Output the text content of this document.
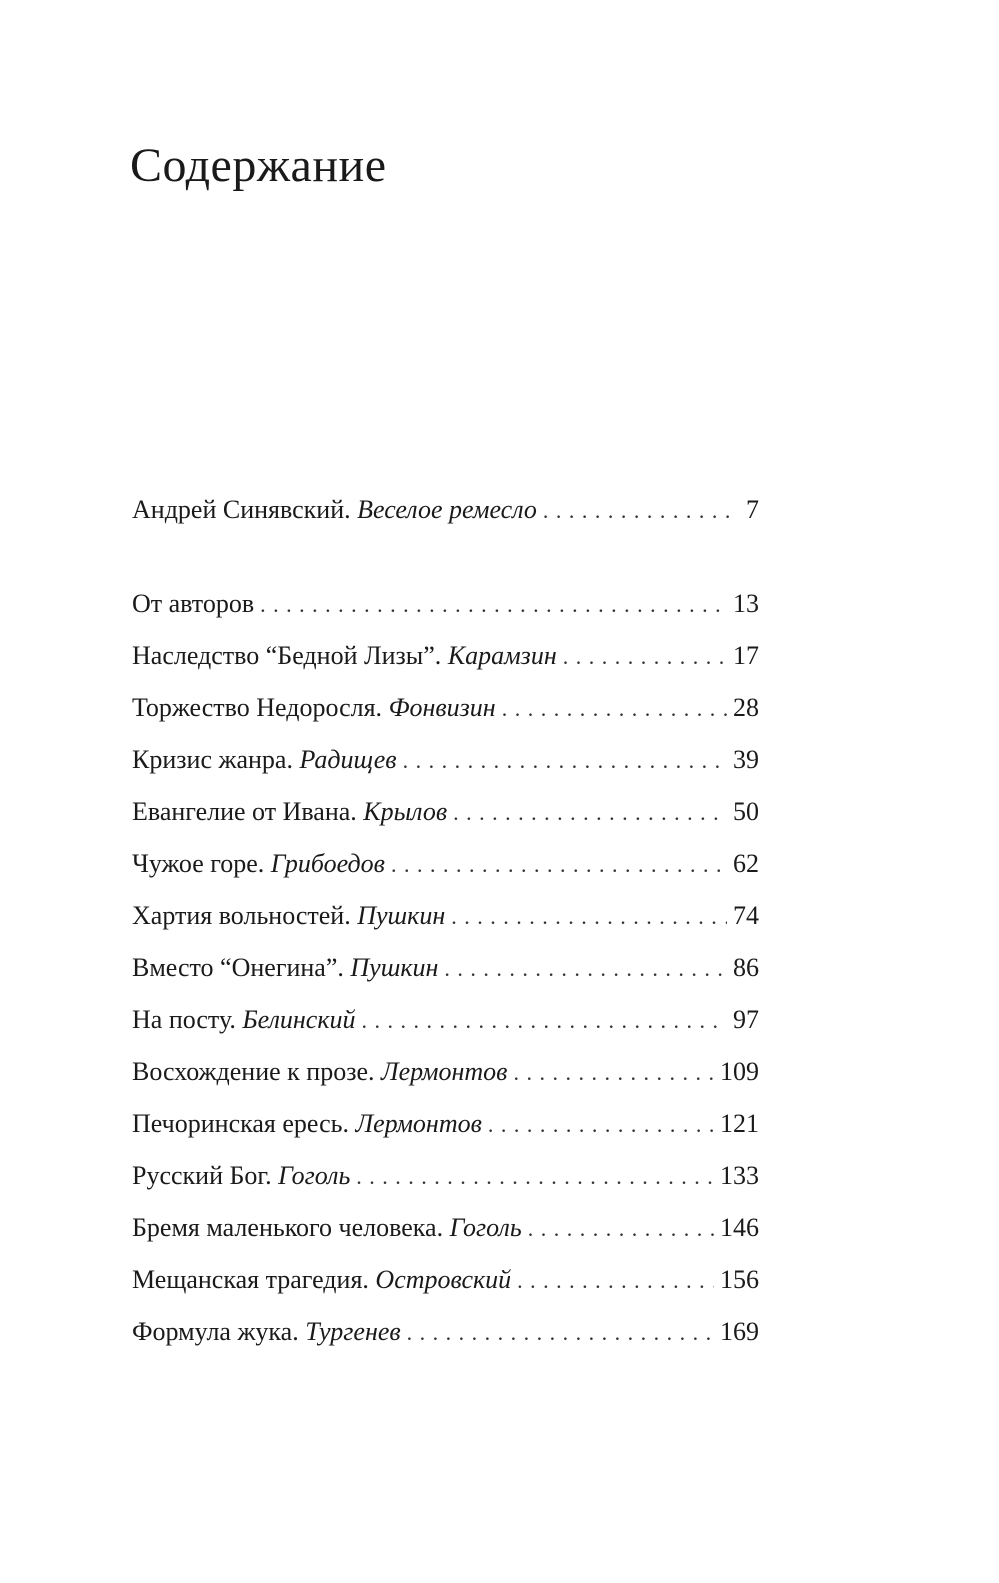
Содержание
Андрей Синявский. Веселое ремесло . . .	7
От авторов . . .	13
Наследство “Бедной Лизы”. Карамзин . . .	17
Торжество Недоросля. Фонвизин . . .	28
Кризис жанра. Радищев . . .	39
Евангелие от Ивана. Крылов . . .	50
Чужое горе. Грибоедов . . .	62
Хартия вольностей. Пушкин . . .	74
Вместо “Онегина”. Пушкин . . .	86
На посту. Белинский . . .	97
Восхождение к прозе. Лермонтов . . .	109
Печоринская ересь. Лермонтов . . .	121
Русский Бог. Гоголь . . .	133
Бремя маленького человека. Гоголь . . .	146
Мещанская трагедия. Островский . . .	156
Формула жука. Тургенев . . .	169
